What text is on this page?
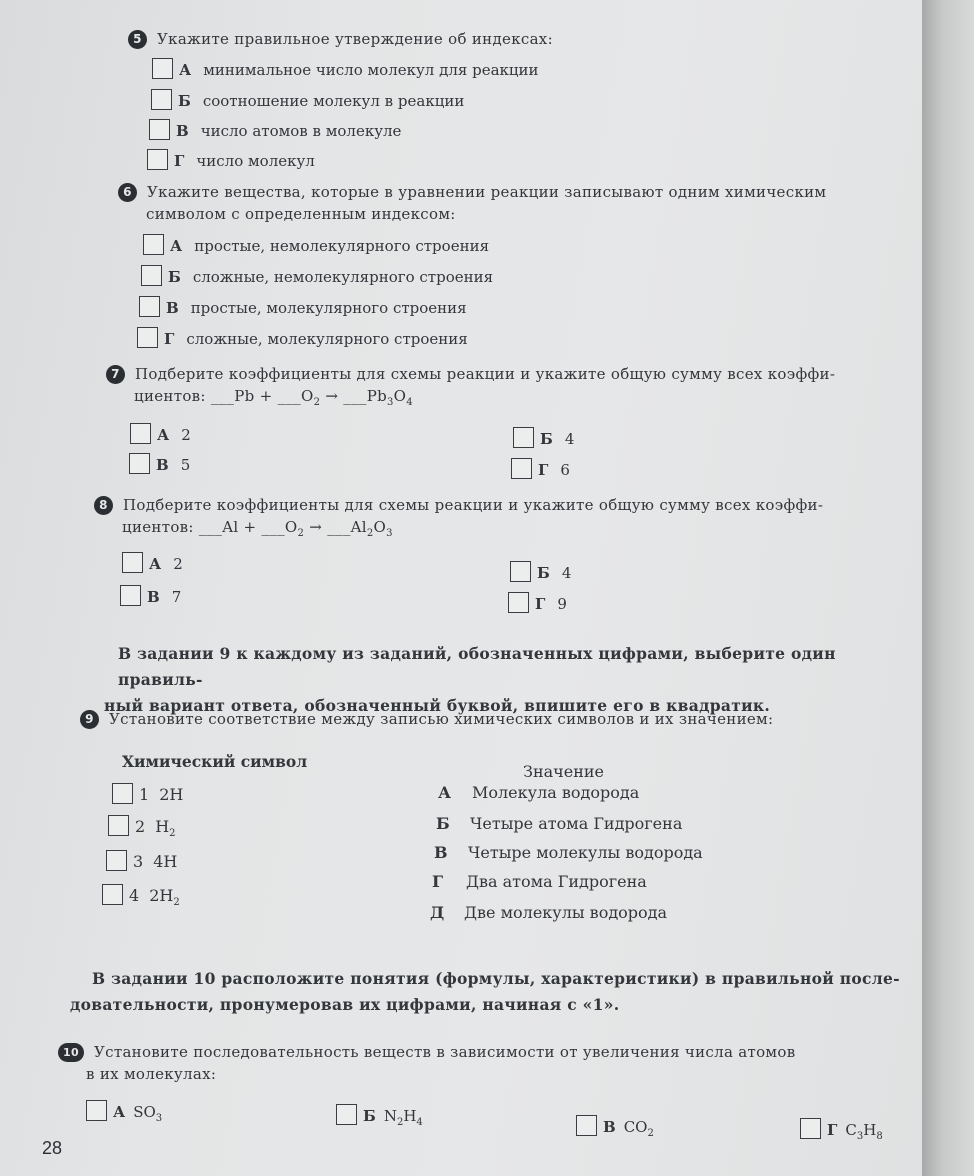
5 Укажите правильное утверждение об индексах:
А минимальное число молекул для реакции
Б соотношение молекул в реакции
В число атомов в молекуле
Г число молекул
6 Укажите вещества, которые в уравнении реакции записывают одним химическим
символом с определенным индексом:
А простые, немолекулярного строения
Б сложные, немолекулярного строения
В простые, молекулярного строения
Г сложные, молекулярного строения
7 Подберите коэффициенты для схемы реакции и укажите общую сумму всех коэффи-
циентов: ___Pb + $\_\_\_O_2$ → $\_\_\_Pb_3O_4$
А 2	Б 4
В 5	Г 6
8 Подберите коэффициенты для схемы реакции и укажите общую сумму всех коэффи-
циентов: ___Al + $\_\_\_O_2$ → $\_\_\_Al_2O_3$
А 2	Б 4
В 7	Г 9
В задании 9 к каждому из заданий, обозначенных цифрами, выберите один правиль-
ный вариант ответа, обозначенный буквой, впишите его в квадратик.
9 Установите соответствие между записью химических символов и их значением:
Химический символ
Значение
1 2H
2 $H_2$
3 4H
4 $2H_2$
А Молекула водорода
Б Четыре атома Гидрогена
В Четыре молекулы водорода
Г Два атома Гидрогена
Д Две молекулы водорода
В задании 10 расположите понятия (формулы, характеристики) в правильной после-
довательности, пронумеровав их цифрами, начиная с «1».
10 Установите последовательность веществ в зависимости от увеличения числа атомов
в их молекулах:
А $SO_3$	Б $N_2H_4$	В $CO_2$	Г $C_3H_8$
28
